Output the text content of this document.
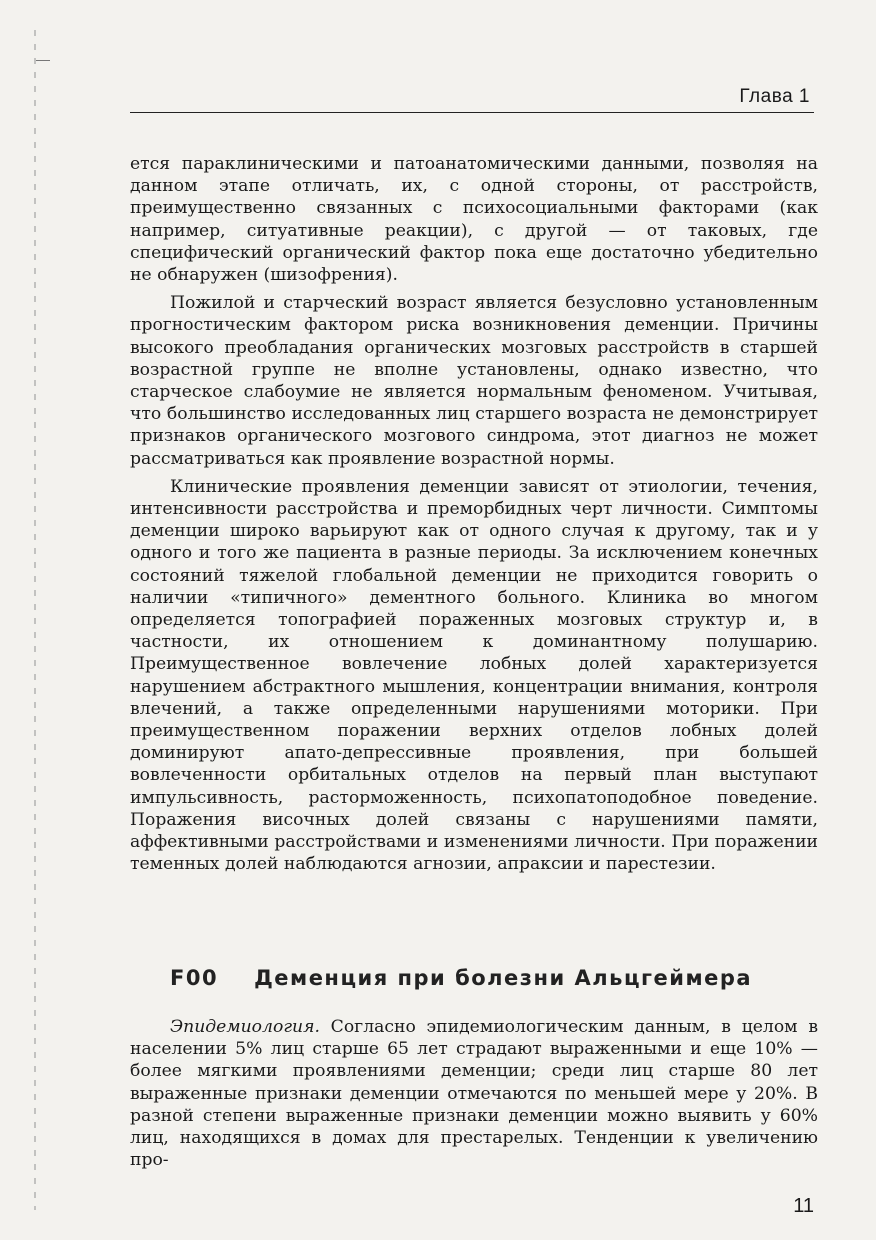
Глава 1

ется параклиническими и патоанатомическими данными, позволяя на данном этапе отличать, их, с одной стороны, от расстройств, преимущественно связанных с психосоциальными факторами (как например, ситуативные реакции), с другой — от таковых, где специфический органический фактор пока еще достаточно убедительно не обнаружен (шизофрения).

Пожилой и старческий возраст является безусловно установленным прогностическим фактором риска возникновения деменции. Причины высокого преобладания органических мозговых расстройств в старшей возрастной группе не вполне установлены, однако известно, что старческое слабоумие не является нормальным феноменом. Учитывая, что большинство исследованных лиц старшего возраста не демонстрирует признаков органического мозгового синдрома, этот диагноз не может рассматриваться как проявление возрастной нормы.

Клинические проявления деменции зависят от этиологии, течения, интенсивности расстройства и преморбидных черт личности. Симптомы деменции широко варьируют как от одного случая к другому, так и у одного и того же пациента в разные периоды. За исключением конечных состояний тяжелой глобальной деменции не приходится говорить о наличии «типичного» дементного больного. Клиника во многом определяется топографией пораженных мозговых структур и, в частности, их отношением к доминантному полушарию. Преимущественное вовлечение лобных долей характеризуется нарушением абстрактного мышления, концентрации внимания, контроля влечений, а также определенными нарушениями моторики. При преимущественном поражении верхних отделов лобных долей доминируют апато-депрессивные проявления, при большей вовлеченности орбитальных отделов на первый план выступают импульсивность, расторможенность, психопатоподобное поведение. Поражения височных долей связаны с нарушениями памяти, аффективными расстройствами и изменениями личности. При поражении теменных долей наблюдаются агнозии, апраксии и парестезии.

F00 Деменция при болезни Альцгеймера

Эпидемиология. Согласно эпидемиологическим данным, в целом в населении 5% лиц старше 65 лет страдают выраженными и еще 10% — более мягкими проявлениями деменции; среди лиц старше 80 лет выраженные признаки деменции отмечаются по меньшей мере у 20%. В разной степени выраженные признаки деменции можно выявить у 60% лиц, находящихся в домах для престарелых. Тенденции к увеличению про-

11
